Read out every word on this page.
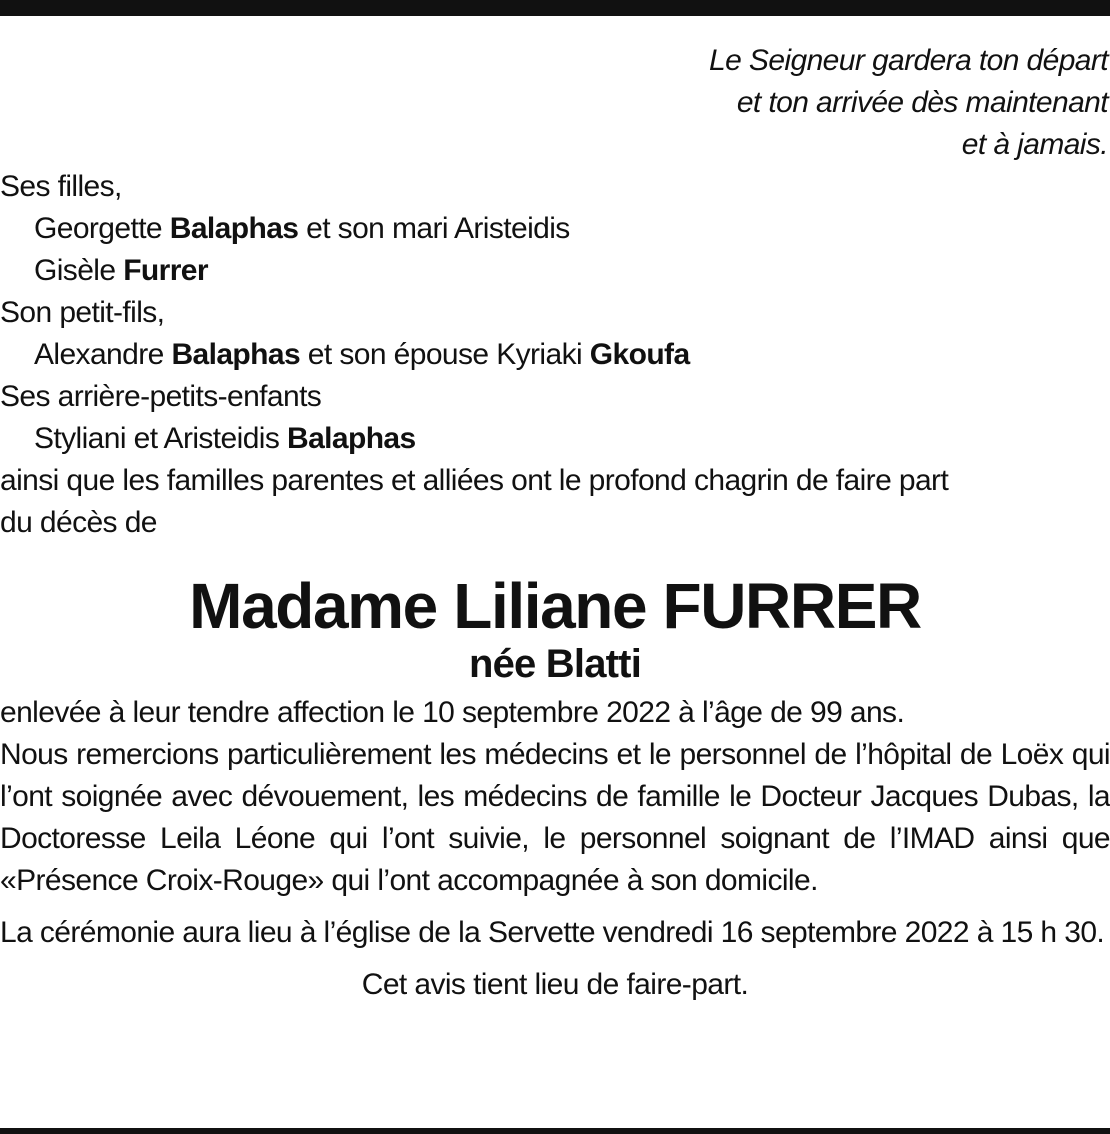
Le Seigneur gardera ton départ
et ton arrivée dès maintenant
et à jamais.
Ses filles,
Georgette Balaphas et son mari Aristeidis
Gisèle Furrer
Son petit-fils,
Alexandre Balaphas et son épouse Kyriaki Gkoufa
Ses arrière-petits-enfants
Styliani et Aristeidis Balaphas
ainsi que les familles parentes et alliées ont le profond chagrin de faire part
du décès de
Madame Liliane FURRER
née Blatti
enlevée à leur tendre affection le 10 septembre 2022 à l’âge de 99 ans.

Nous remercions particulièrement les médecins et le personnel de l’hôpital de Loëx qui l’ont soignée avec dévouement, les médecins de famille le Docteur Jacques Dubas, la Doctoresse Leila Léone qui l’ont suivie, le personnel soignant de l’IMAD ainsi que «Présence Croix-Rouge» qui l’ont accompagnée à son domicile.

La cérémonie aura lieu à l’église de la Servette vendredi 16 septembre 2022 à 15 h 30.

Cet avis tient lieu de faire-part.
